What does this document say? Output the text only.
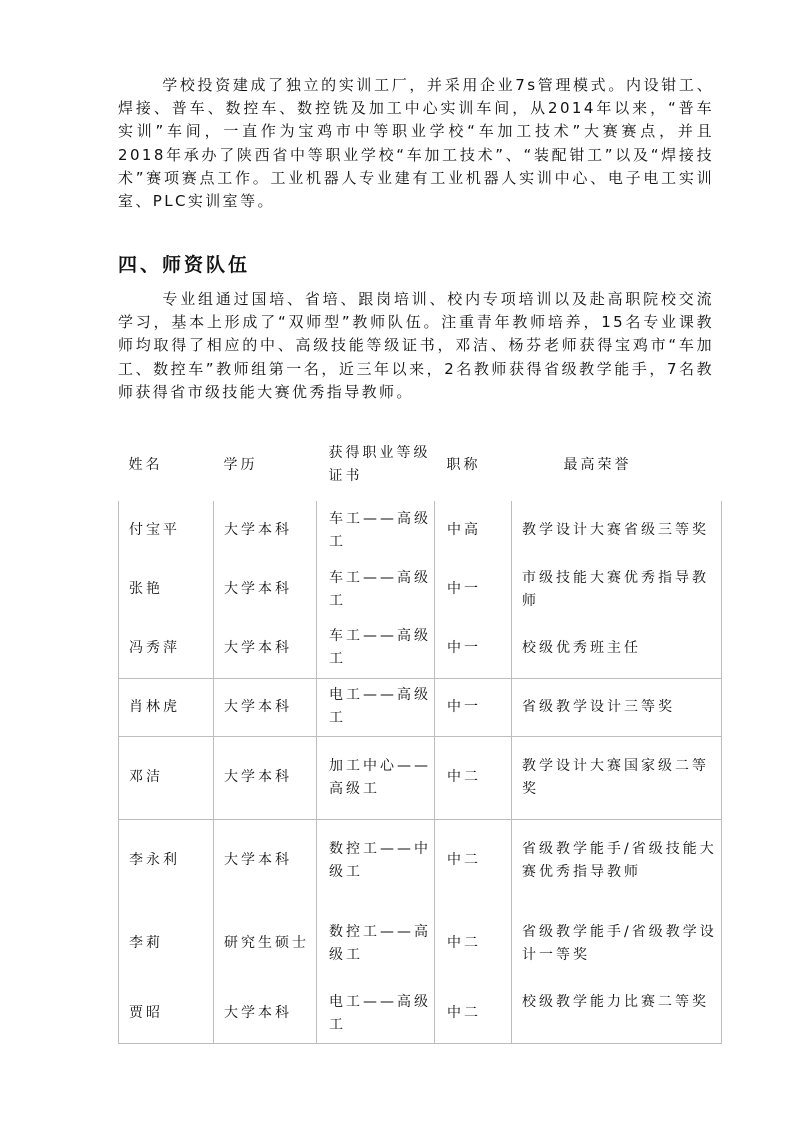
学校投资建成了独立的实训工厂，并采用企业7s管理模式。内设钳工、焊接、普车、数控车、数控铣及加工中心实训车间，从2014年以来，“普车实训”车间，一直作为宝鸡市中等职业学校“车加工技术”大赛赛点，并且2018年承办了陕西省中等职业学校“车加工技术”、“装配钳工”以及“焊接技术”赛项赛点工作。工业机器人专业建有工业机器人实训中心、电子电工实训室、PLC实训室等。

四、师资队伍

专业组通过国培、省培、跟岗培训、校内专项培训以及赴高职院校交流学习，基本上形成了“双师型”教师队伍。注重青年教师培养，15名专业课教师均取得了相应的中、高级技能等级证书，邓洁、杨芬老师获得宝鸡市“车加工、数控车”教师组第一名，近三年以来，2名教师获得省级教学能手，7名教师获得省市级技能大赛优秀指导教师。

姓名	学历	获得职业等级证书	职称	最高荣誉
付宝平	大学本科	车工——高级工	中高	教学设计大赛省级三等奖
张艳	大学本科	车工——高级工	中一	市级技能大赛优秀指导教师
冯秀萍	大学本科	车工——高级工	中一	校级优秀班主任
肖林虎	大学本科	电工——高级工	中一	省级教学设计三等奖
邓洁	大学本科	加工中心——高级工	中二	教学设计大赛国家级二等奖
李永利	大学本科	数控工——中级工	中二	省级教学能手/省级技能大赛优秀指导教师
李莉	研究生硕士	数控工——高级工	中二	省级教学能手/省级教学设计一等奖
贾昭	大学本科	电工——高级工	中二	校级教学能力比赛二等奖
